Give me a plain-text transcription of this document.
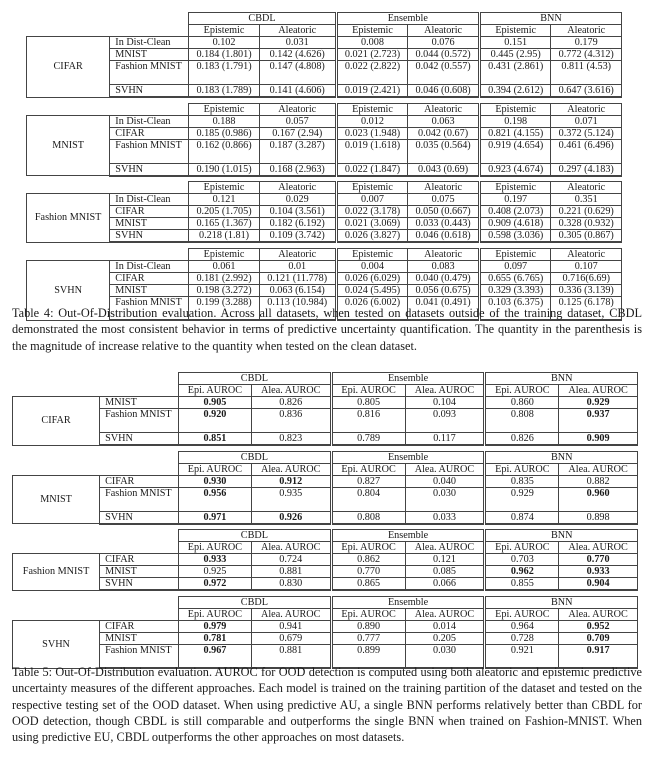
		CBDL		Ensemble		BNN	
		Epistemic	Aleatoric	Epistemic	Aleatoric	Epistemic	Aleatoric
CIFAR	In Dist-Clean	0.102	0.031	0.008	0.076	0.151	0.179
	MNIST	0.184 (1.801)	0.142 (4.626)	0.021 (2.723)	0.044 (0.572)	0.445 (2.95)	0.772 (4.312)
	Fashion MNIST	0.183 (1.791)	0.147 (4.808)	0.022 (2.822)	0.042 (0.557)	0.431 (2.861)	0.811 (4.53)
	SVHN	0.183 (1.789)	0.141 (4.606)	0.019 (2.421)	0.046 (0.608)	0.394 (2.612)	0.647 (3.616)

		Epistemic	Aleatoric	Epistemic	Aleatoric	Epistemic	Aleatoric
MNIST	In Dist-Clean	0.188	0.057	0.012	0.063	0.198	0.071
	CIFAR	0.185 (0.986)	0.167 (2.94)	0.023 (1.948)	0.042 (0.67)	0.821 (4.155)	0.372 (5.124)
	Fashion MNIST	0.162 (0.866)	0.187 (3.287)	0.019 (1.618)	0.035 (0.564)	0.919 (4.654)	0.461 (6.496)
	SVHN	0.190 (1.015)	0.168 (2.963)	0.022 (1.847)	0.043 (0.69)	0.923 (4.674)	0.297 (4.183)

		Epistemic	Aleatoric	Epistemic	Aleatoric	Epistemic	Aleatoric
Fashion MNIST	In Dist-Clean	0.121	0.029	0.007	0.075	0.197	0.351
	CIFAR	0.205 (1.705)	0.104 (3.561)	0.022 (3.178)	0.050 (0.667)	0.408 (2.073)	0.221 (0.629)
	MNIST	0.165 (1.367)	0.182 (6.192)	0.021 (3.069)	0.033 (0.443)	0.909 (4.618)	0.328 (0.932)
	SVHN	0.218 (1.81)	0.109 (3.742)	0.026 (3.827)	0.046 (0.618)	0.598 (3.036)	0.305 (0.867)

		Epistemic	Aleatoric	Epistemic	Aleatoric	Epistemic	Aleatoric
SVHN	In Dist-Clean	0.061	0.01	0.004	0.083	0.097	0.107
	CIFAR	0.181 (2.992)	0.121 (11.778)	0.026 (6.029)	0.040 (0.479)	0.655 (6.765)	0.716(6.69)
	MNIST	0.198 (3.272)	0.063 (6.154)	0.024 (5.495)	0.056 (0.675)	0.329 (3.393)	0.336 (3.139)
	Fashion MNIST	0.199 (3.288)	0.113 (10.984)	0.026 (6.002)	0.041 (0.491)	0.103 (6.375)	0.125 (6.178)
Table 4: Out-Of-Distribution evaluation. Across all datasets, when tested on datasets outside of the training dataset, CBDL demonstrated the most consistent behavior in terms of predictive uncertainty quantification. The quantity in the parenthesis is the magnitude of increase relative to the quantity when tested on the clean dataset.
		CBDL		Ensemble		BNN	
		Epi. AUROC	Alea. AUROC	Epi. AUROC	Alea. AUROC	Epi. AUROC	Alea. AUROC
CIFAR	MNIST	0.905	0.826	0.805	0.104	0.860	0.929
	Fashion MNIST	0.920	0.836	0.816	0.093	0.808	0.937
	SVHN	0.851	0.823	0.789	0.117	0.826	0.909

		CBDL		Ensemble		BNN	
		Epi. AUROC	Alea. AUROC	Epi. AUROC	Alea. AUROC	Epi. AUROC	Alea. AUROC
MNIST	CIFAR	0.930	0.912	0.827	0.040	0.835	0.882
	Fashion MNIST	0.956	0.935	0.804	0.030	0.929	0.960
	SVHN	0.971	0.926	0.808	0.033	0.874	0.898

		CBDL		Ensemble		BNN	
		Epi. AUROC	Alea. AUROC	Epi. AUROC	Alea. AUROC	Epi. AUROC	Alea. AUROC
Fashion MNIST	CIFAR	0.933	0.724	0.862	0.121	0.703	0.770
	MNIST	0.925	0.881	0.770	0.085	0.962	0.933
	SVHN	0.972	0.830	0.865	0.066	0.855	0.904

		CBDL		Ensemble		BNN	
		Epi. AUROC	Alea. AUROC	Epi. AUROC	Alea. AUROC	Epi. AUROC	Alea. AUROC
SVHN	CIFAR	0.979	0.941	0.890	0.014	0.964	0.952
	MNIST	0.781	0.679	0.777	0.205	0.728	0.709
	Fashion MNIST	0.967	0.881	0.899	0.030	0.921	0.917
Table 5: Out-Of-Distribution evaluation. AUROC for OOD detection is computed using both aleatoric and epistemic predictive uncertainty measures of the different approaches. Each model is trained on the training partition of the dataset and tested on the respective testing set of the OOD dataset. When using predictive AU, a single BNN performs relatively better than CBDL for OOD detection, though CBDL is still comparable and outperforms the single BNN when trained on Fashion-MNIST. When using predictive EU, CBDL outperforms the other approaches on most datasets.
